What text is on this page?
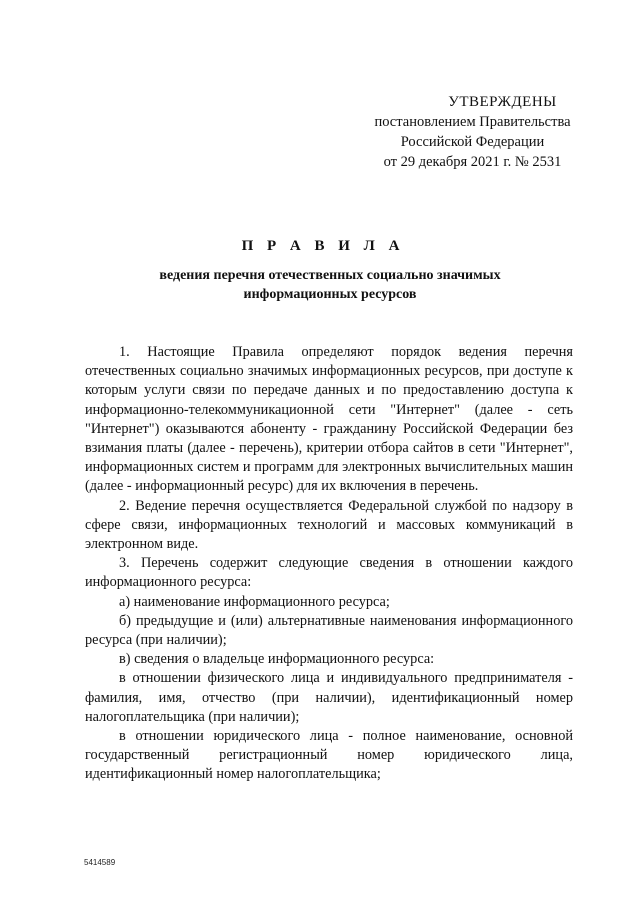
УТВЕРЖДЕНЫ
постановлением Правительства
Российской Федерации
от 29 декабря 2021 г. № 2531
П Р А В И Л А
ведения перечня отечественных социально значимых
информационных ресурсов

1. Настоящие Правила определяют порядок ведения перечня отечественных социально значимых информационных ресурсов, при доступе к которым услуги связи по передаче данных и по предоставлению доступа к информационно-телекоммуникационной сети "Интернет" (далее - сеть "Интернет") оказываются абоненту - гражданину Российской Федерации без взимания платы (далее - перечень), критерии отбора сайтов в сети "Интернет", информационных систем и программ для электронных вычислительных машин (далее - информационный ресурс) для их включения в перечень.

2. Ведение перечня осуществляется Федеральной службой по надзору в сфере связи, информационных технологий и массовых коммуникаций в электронном виде.

3. Перечень содержит следующие сведения в отношении каждого информационного ресурса:

а) наименование информационного ресурса;

б) предыдущие и (или) альтернативные наименования информационного ресурса (при наличии);

в) сведения о владельце информационного ресурса:

в отношении физического лица и индивидуального предпринимателя - фамилия, имя, отчество (при наличии), идентификационный номер налогоплательщика (при наличии);

в отношении юридического лица - полное наименование, основной государственный регистрационный номер юридического лица, идентификационный номер налогоплательщика;

5414589
